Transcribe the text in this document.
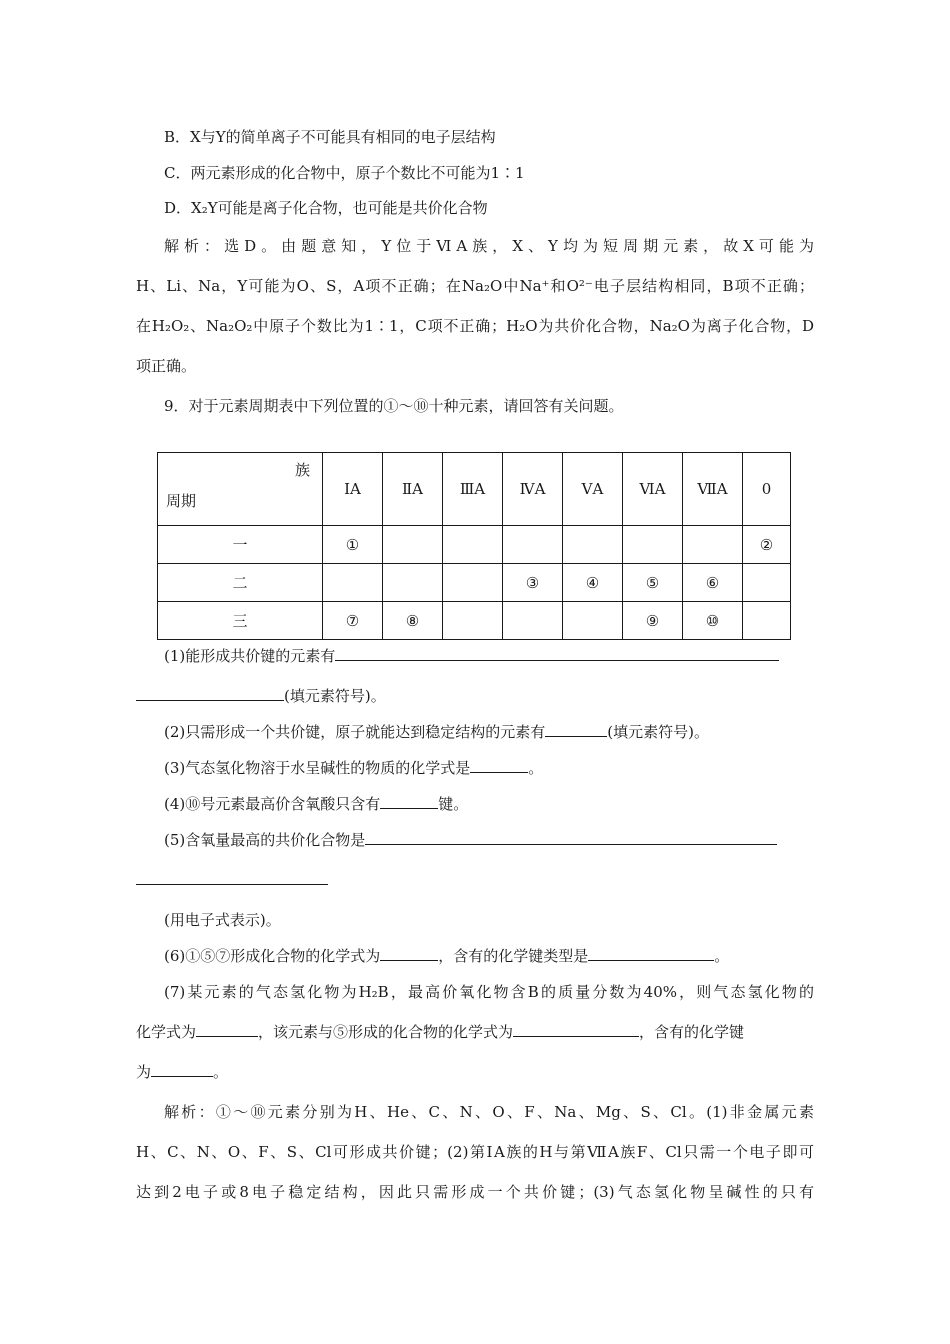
B．X与Y的简单离子不可能具有相同的电子层结构
C．两元素形成的化合物中，原子个数比不可能为1∶1
D．X₂Y可能是离子化合物，也可能是共价化合物
解析：选D。由题意知，Y位于ⅥA族，X、Y均为短周期元素，故X可能为
H、Li、Na，Y可能为O、S，A项不正确；在Na₂O中Na⁺和O²⁻电子层结构相同，B项不正确；
在H₂O₂、Na₂O₂中原子个数比为1∶1，C项不正确；H₂O为共价化合物，Na₂O为离子化合物，D
项正确。
9．对于元素周期表中下列位置的①～⑩十种元素，请回答有关问题。
族
周期	ⅠA	ⅡA	ⅢA	ⅣA	ⅤA	ⅥA	ⅦA	0
一	①							②
二				③	④	⑤	⑥	
三	⑦	⑧				⑨	⑩	
(1)能形成共价键的元素有
(填元素符号)。
(2)只需形成一个共价键，原子就能达到稳定结构的元素有	(填元素符号)。
(3)气态氢化物溶于水呈碱性的物质的化学式是	。
(4)⑩号元素最高价含氧酸只含有	键。
(5)含氧量最高的共价化合物是
(用电子式表示)。
(6)①⑤⑦形成化合物的化学式为	，含有的化学键类型是	。
(7)某元素的气态氢化物为H₂B，最高价氧化物含B的质量分数为40%，则气态氢化物的
化学式为	，该元素与⑤形成的化合物的化学式为	，含有的化学键
为	。
解析：①～⑩元素分别为H、He、C、N、O、F、Na、Mg、S、Cl。(1)非金属元素
H、C、N、O、F、S、Cl可形成共价键；(2)第ⅠA族的H与第ⅦA族F、Cl只需一个电子即可
达到2电子或8电子稳定结构，因此只需形成一个共价键；(3)气态氢化物呈碱性的只有
